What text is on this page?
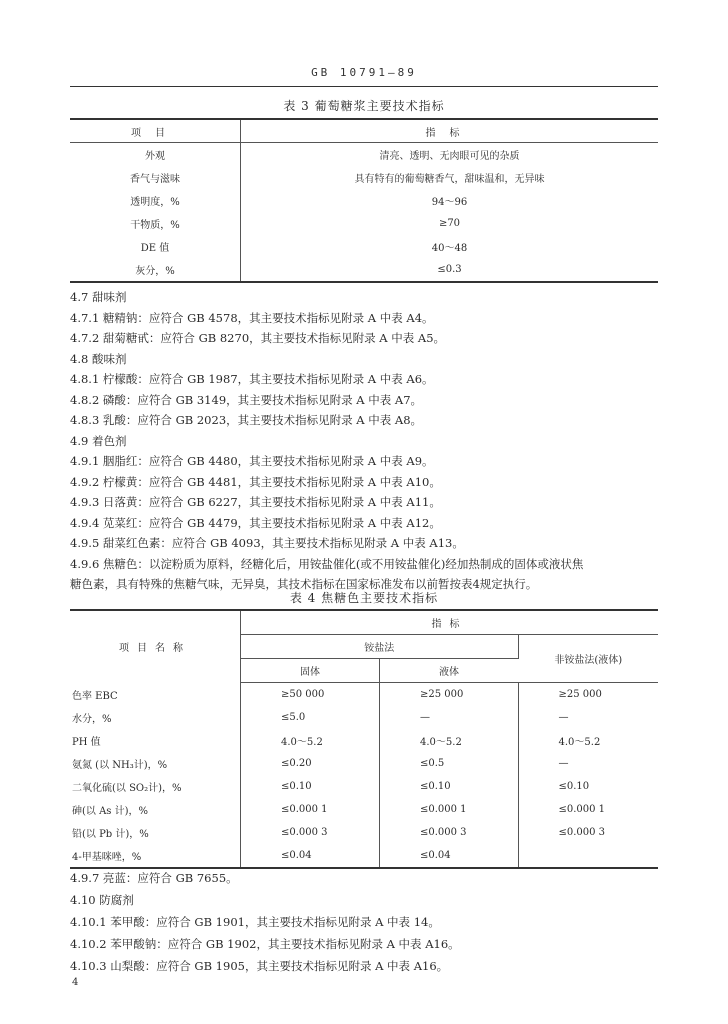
GB 10791—89
表 3 葡萄糖浆主要技术指标
项目	指标
外观	清亮、透明、无肉眼可见的杂质
香气与滋味	具有特有的葡萄糖香气，甜味温和，无异味
透明度，%	94～96
干物质，%	≥70
DE 值	40～48
灰分，%	≤0.3
4.7 甜味剂
4.7.1 糖精钠：应符合 GB 4578，其主要技术指标见附录 A 中表 A4。
4.7.2 甜菊糖甙：应符合 GB 8270，其主要技术指标见附录 A 中表 A5。
4.8 酸味剂
4.8.1 柠檬酸：应符合 GB 1987，其主要技术指标见附录 A 中表 A6。
4.8.2 磷酸：应符合 GB 3149，其主要技术指标见附录 A 中表 A7。
4.8.3 乳酸：应符合 GB 2023，其主要技术指标见附录 A 中表 A8。
4.9 着色剂
4.9.1 胭脂红：应符合 GB 4480，其主要技术指标见附录 A 中表 A9。
4.9.2 柠檬黄：应符合 GB 4481，其主要技术指标见附录 A 中表 A10。
4.9.3 日落黄：应符合 GB 6227，其主要技术指标见附录 A 中表 A11。
4.9.4 苋菜红：应符合 GB 4479，其主要技术指标见附录 A 中表 A12。
4.9.5 甜菜红色素：应符合 GB 4093，其主要技术指标见附录 A 中表 A13。
4.9.6 焦糖色：以淀粉质为原料，经糖化后，用铵盐催化(或不用铵盐催化)经加热制成的固体或液状焦
糖色素，具有特殊的焦糖气味，无异臭，其技术指标在国家标准发布以前暂按表4规定执行。
表 4 焦糖色主要技术指标
项目名称	指标		
	铵盐法		非铵盐法(液体)
	固体	液体	
色率 EBC	≥50 000	≥25 000	≥25 000
水分，%	≤5.0	—	—
PH 值	4.0～5.2	4.0～5.2	4.0～5.2
氨氮 (以 NH₃计)，%	≤0.20	≤0.5	—
二氧化硫(以 SO₂计)，%	≤0.10	≤0.10	≤0.10
砷(以 As 计)，%	≤0.000 1	≤0.000 1	≤0.000 1
铅(以 Pb 计)，%	≤0.000 3	≤0.000 3	≤0.000 3
4-甲基咪唑，%	≤0.04	≤0.04	
4.9.7 亮蓝：应符合 GB 7655。
4.10 防腐剂
4.10.1 苯甲酸：应符合 GB 1901，其主要技术指标见附录 A 中表 14。
4.10.2 苯甲酸钠：应符合 GB 1902，其主要技术指标见附录 A 中表 A16。
4.10.3 山梨酸：应符合 GB 1905，其主要技术指标见附录 A 中表 A16。
4
